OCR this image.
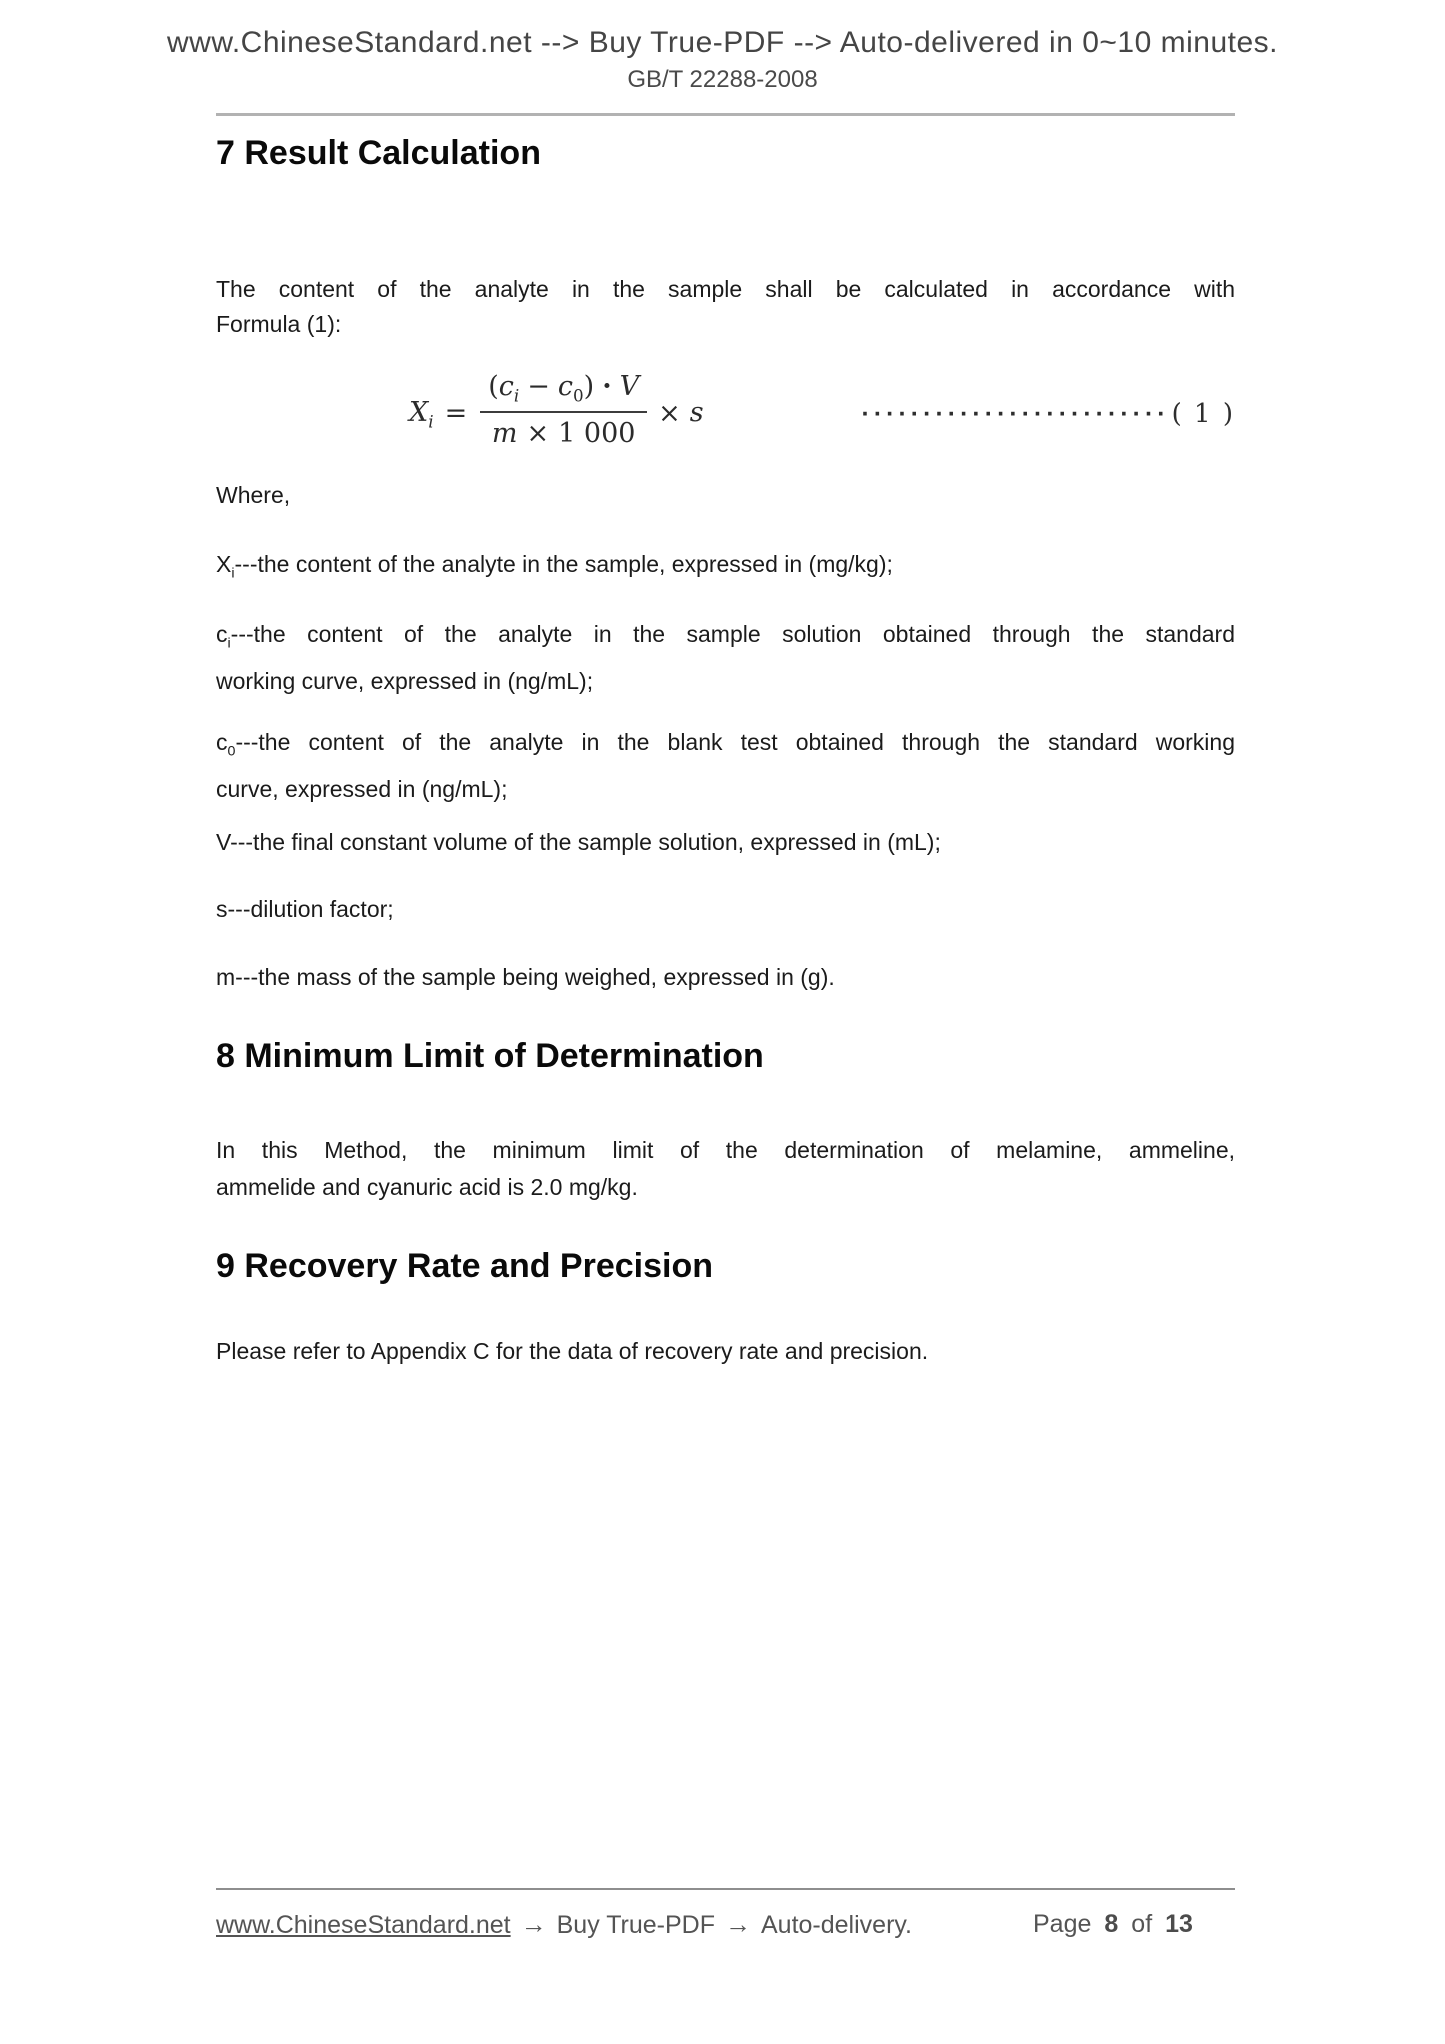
www.ChineseStandard.net --> Buy True-PDF --> Auto-delivered in 0~10 minutes.
GB/T 22288-2008
7 Result Calculation
The content of the analyte in the sample shall be calculated in accordance with
Formula (1):
$X_i = \frac{(c_i - c_0) \cdot V}{m \times 1 000} \times s$	························· ( 1 )
Where,
$X_i--$-the content of the analyte in the sample, expressed in (mg/kg);
$c_i--$-the content of the analyte in the sample solution obtained through the standard
working curve, expressed in (ng/mL);
$c_0--$-the content of the analyte in the blank test obtained through the standard working
curve, expressed in (ng/mL);
V---the final constant volume of the sample solution, expressed in (mL);
s---dilution factor;
m---the mass of the sample being weighed, expressed in (g).
8 Minimum Limit of Determination
In this Method, the minimum limit of the determination of melamine, ammeline,
ammelide and cyanuric acid is 2.0 mg/kg.
9 Recovery Rate and Precision
Please refer to Appendix C for the data of recovery rate and precision.
www.ChineseStandard.net → Buy True-PDF → Auto-delivery.	Page 8 of 13
